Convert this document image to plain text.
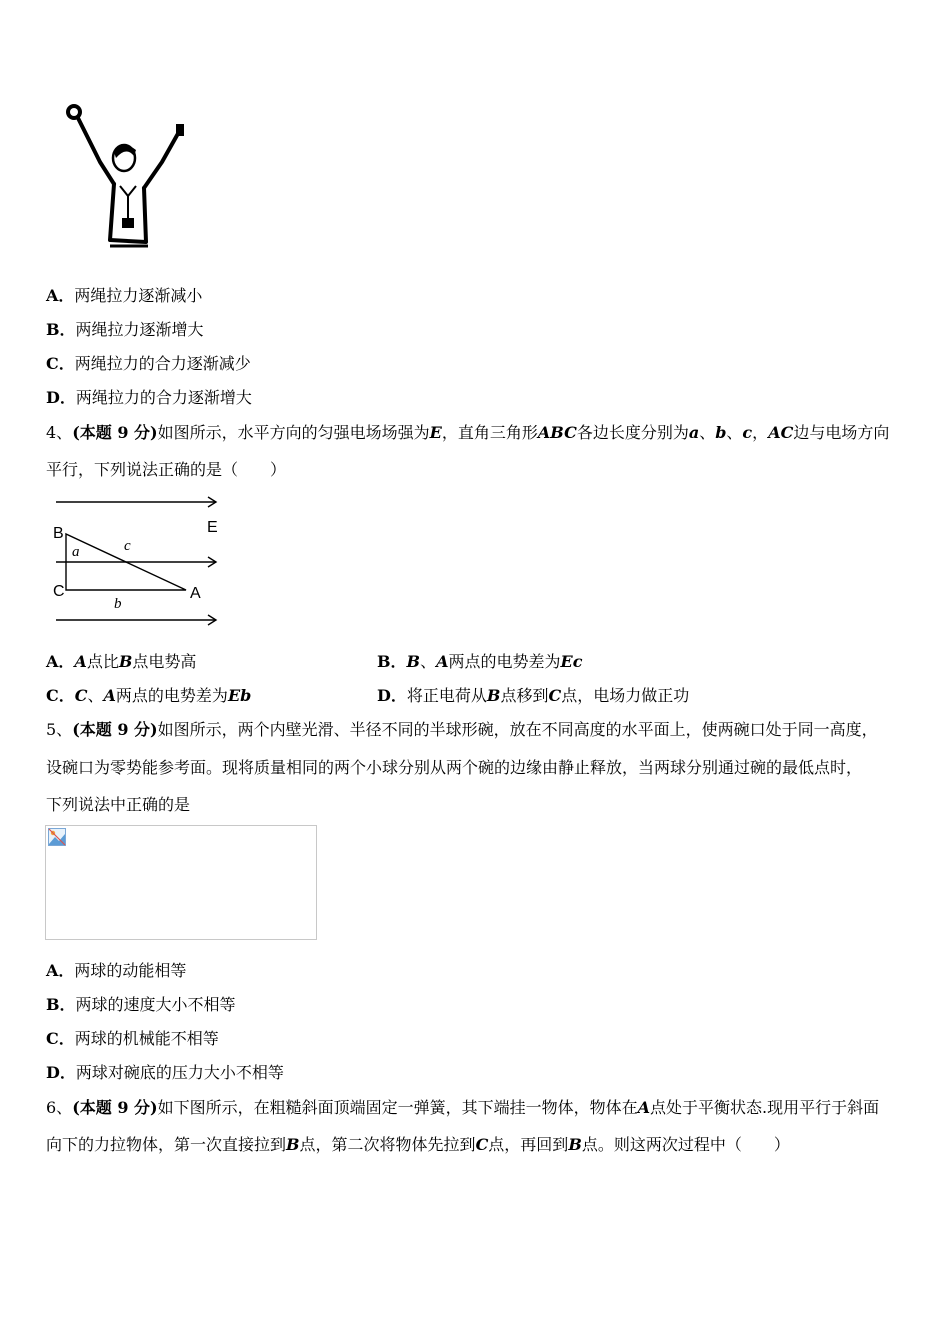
A．两绳拉力逐渐减小
B．两绳拉力逐渐增大
C．两绳拉力的合力逐渐减少
D．两绳拉力的合力逐渐增大
4、(本题 9 分)如图所示，水平方向的匀强电场场强为E，直角三角形ABC各边长度分别为a、b、c，AC边与电场方向
平行，下列说法正确的是（　　）
B
C	A
E
a	c
b
A．A点比B点电势高	B．B、A两点的电势差为Ec
C．C、A两点的电势差为Eb	D．将正电荷从B点移到C点，电场力做正功
5、(本题 9 分)如图所示，两个内壁光滑、半径不同的半球形碗，放在不同高度的水平面上，使两碗口处于同一高度，
设碗口为零势能参考面。现将质量相同的两个小球分别从两个碗的边缘由静止释放，当两球分别通过碗的最低点时，
下列说法中正确的是
A．两球的动能相等
B．两球的速度大小不相等
C．两球的机械能不相等
D．两球对碗底的压力大小不相等
6、(本题 9 分)如下图所示，在粗糙斜面顶端固定一弹簧，其下端挂一物体，物体在A点处于平衡状态.现用平行于斜面
向下的力拉物体，第一次直接拉到B点，第二次将物体先拉到C点，再回到B点。则这两次过程中（　　）
